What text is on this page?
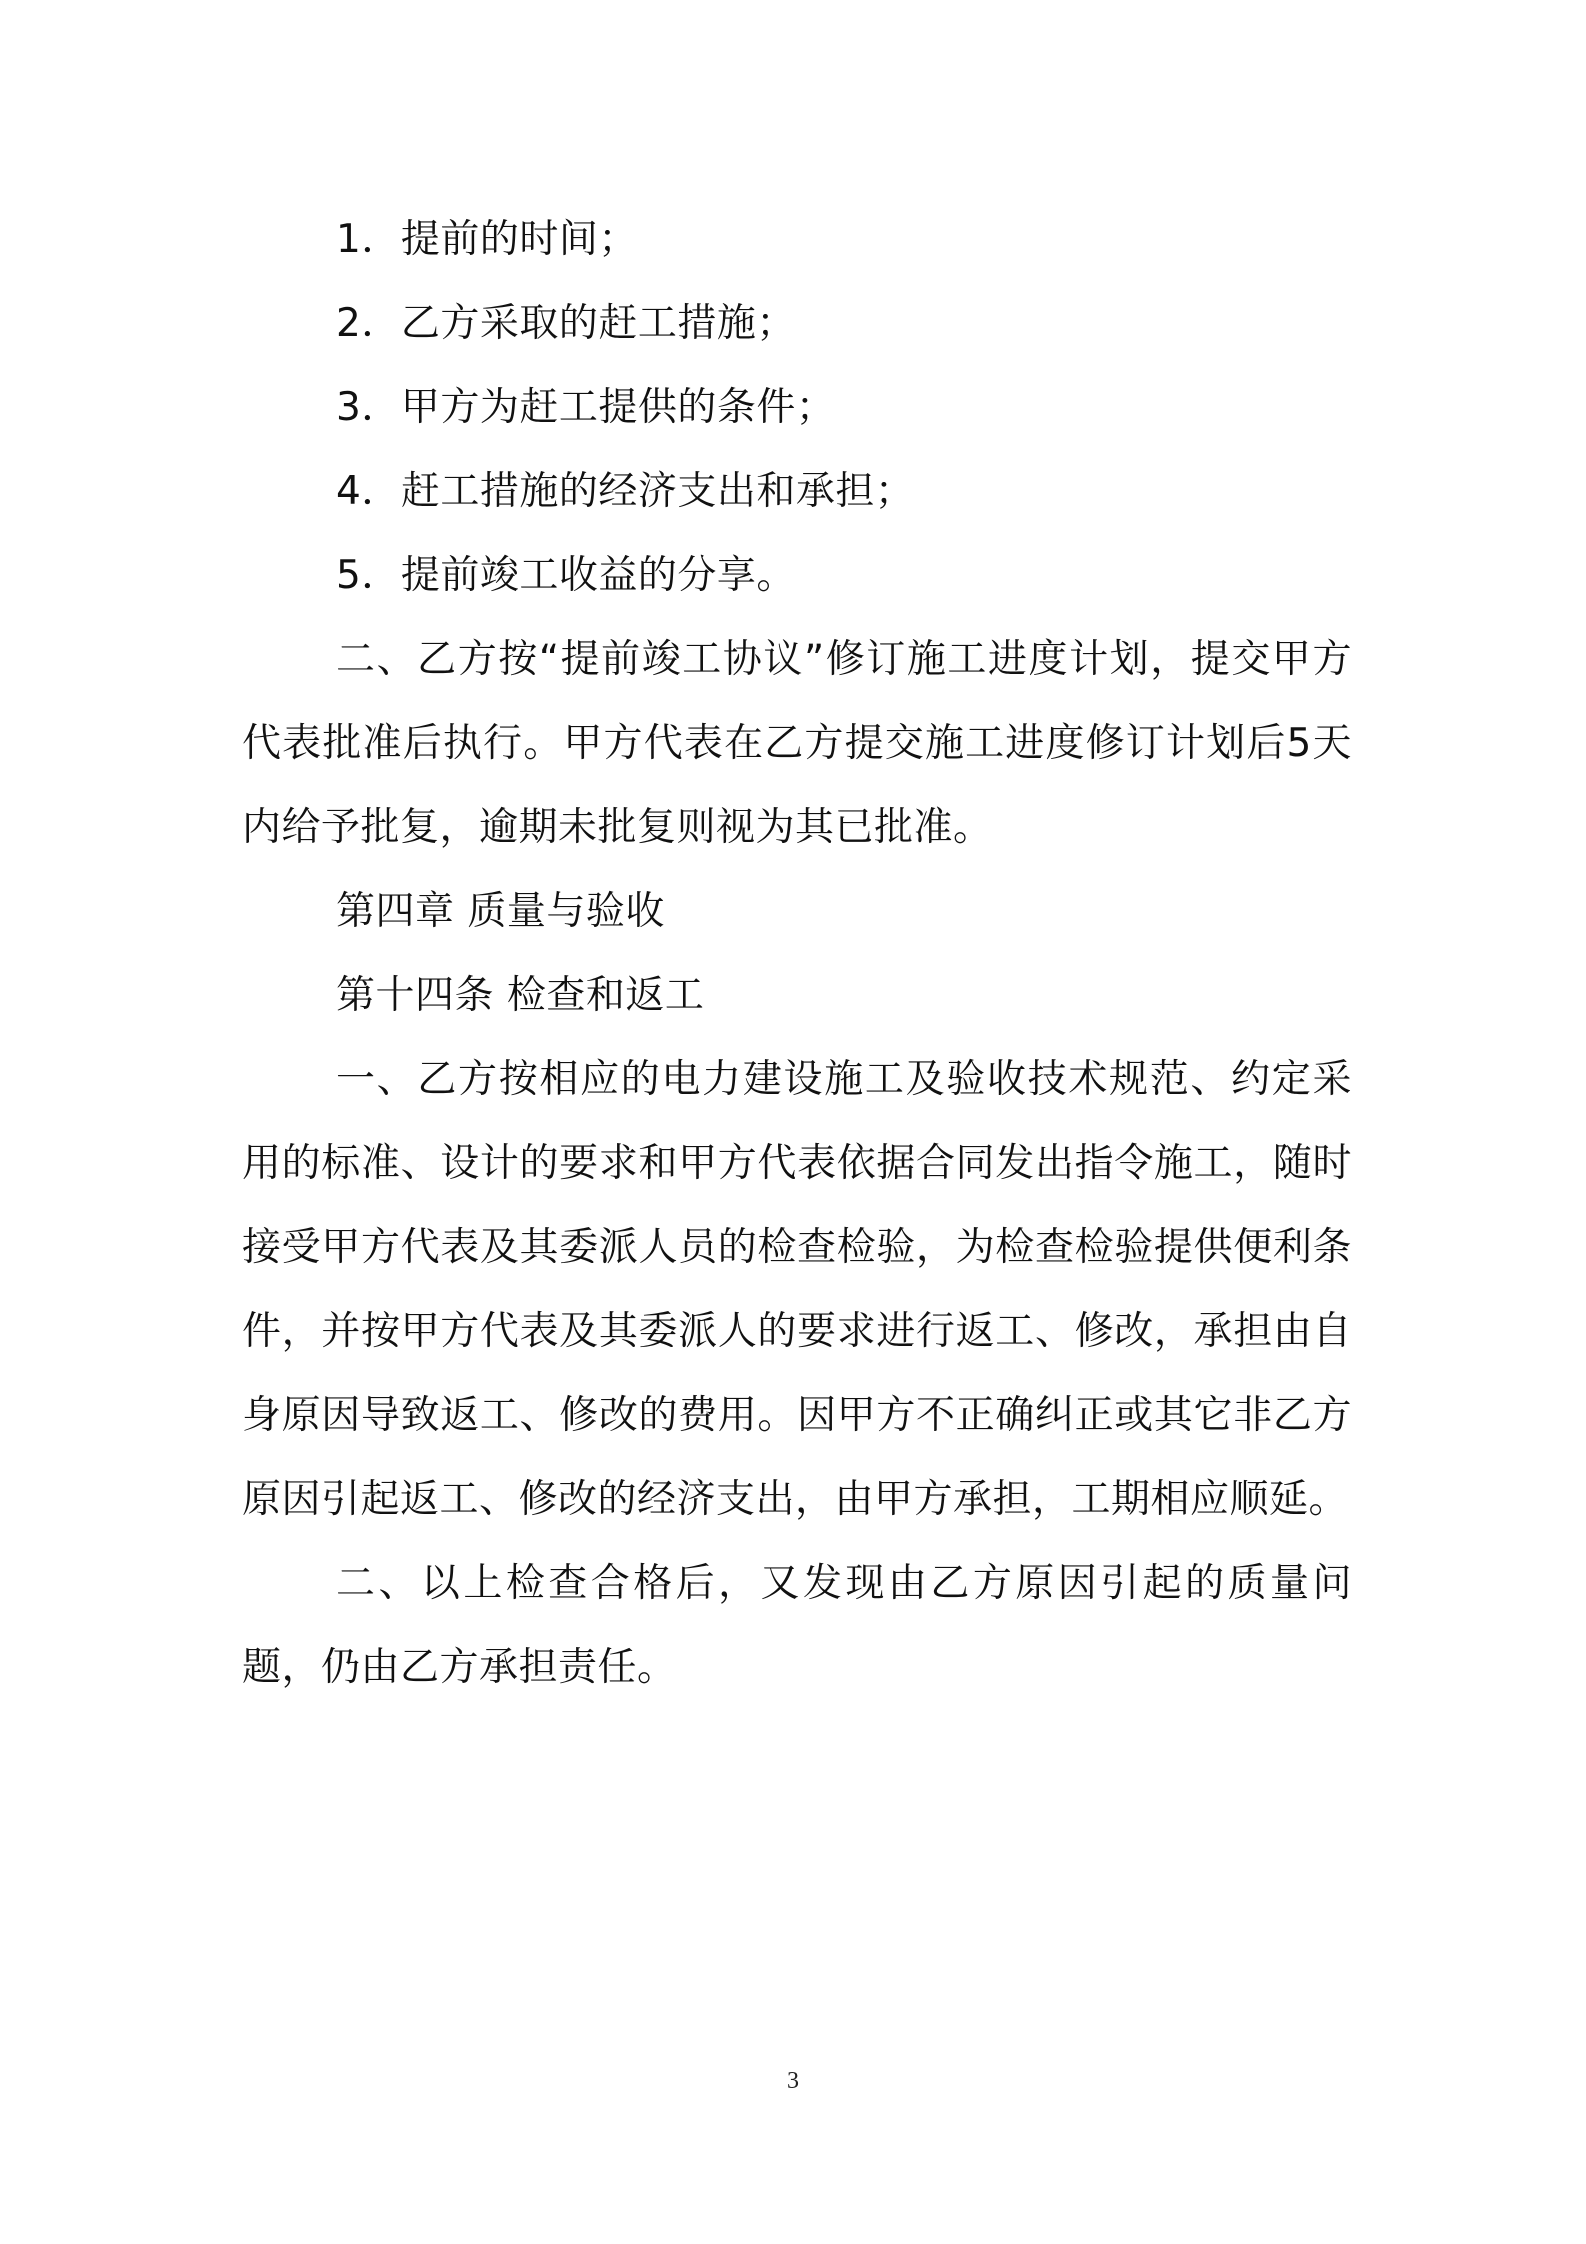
1．提前的时间；
2．乙方采取的赶工措施；
3．甲方为赶工提供的条件；
4．赶工措施的经济支出和承担；
5．提前竣工收益的分享。

二、乙方按“提前竣工协议”修订施工进度计划，提交甲方代表批准后执行。甲方代表在乙方提交施工进度修订计划后5天内给予批复，逾期未批复则视为其已批准。

第四章 质量与验收
第十四条 检查和返工

一、乙方按相应的电力建设施工及验收技术规范、约定采用的标准、设计的要求和甲方代表依据合同发出指令施工，随时接受甲方代表及其委派人员的检查检验，为检查检验提供便利条件，并按甲方代表及其委派人的要求进行返工、修改，承担由自身原因导致返工、修改的费用。因甲方不正确纠正或其它非乙方原因引起返工、修改的经济支出，由甲方承担，工期相应顺延。

二、以上检查合格后，又发现由乙方原因引起的质量问题，仍由乙方承担责任。

3
